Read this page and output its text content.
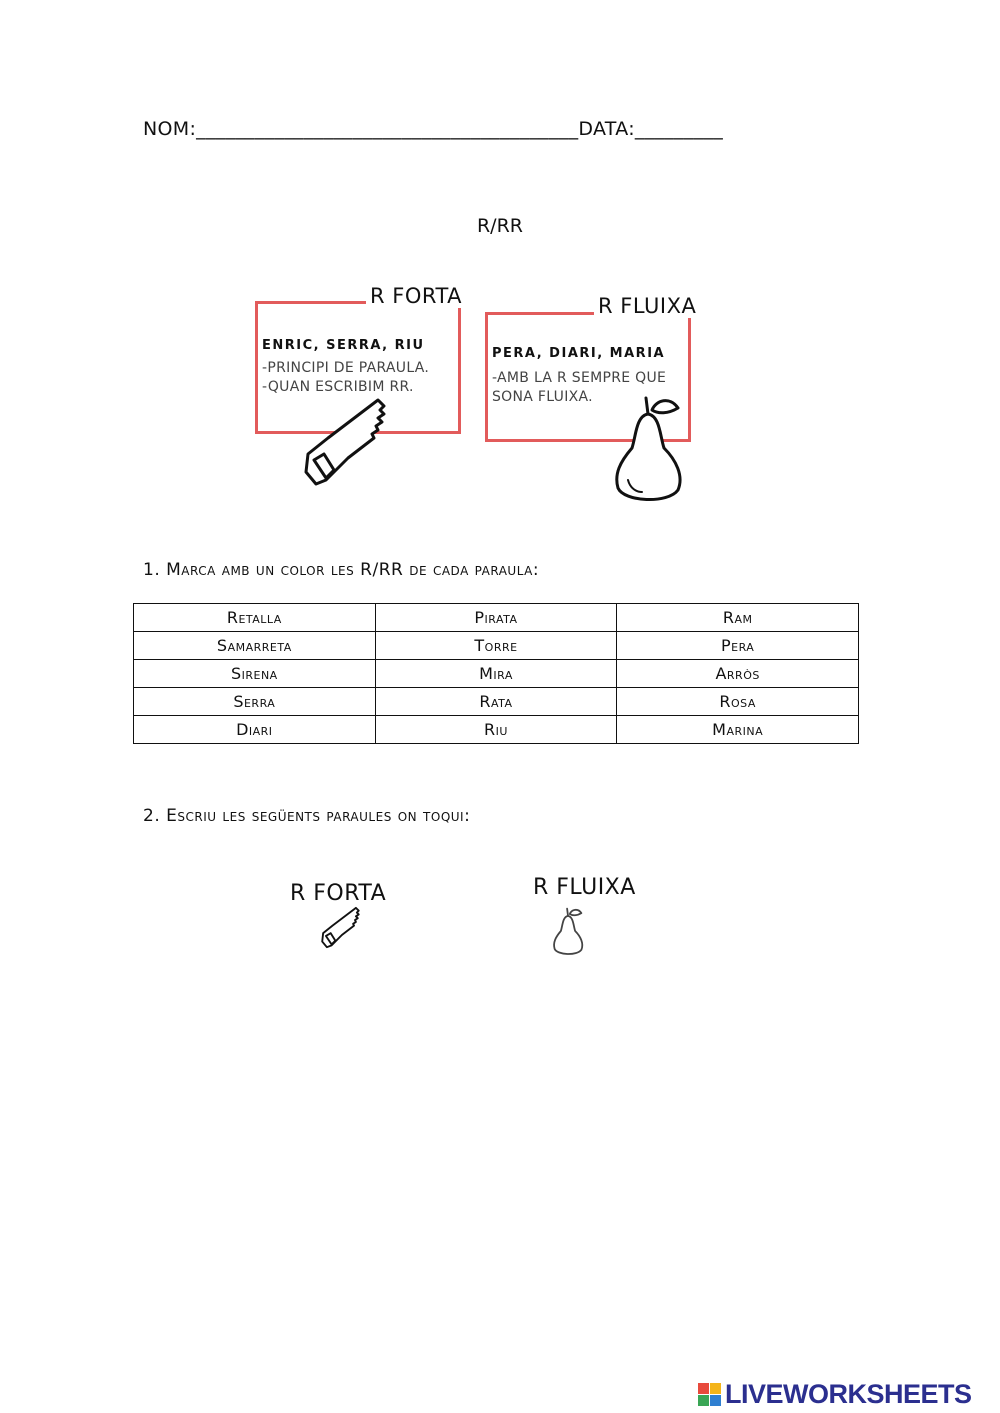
NOM:_______________________________________DATA:_________
R/RR
R FORTA
ENRIC, SERRA, RIU
-PRINCIPI DE PARAULA.
-QUAN ESCRIBIM RR.
R FLUIXA
PERA, DIARI, MARIA
-AMB LA R SEMPRE QUE
SONA FLUIXA.
1. Marca amb un color les R/RR de cada paraula:
Retalla	Pirata	Ram
Samarreta	Torre	Pera
Sirena	Mira	Arròs
Serra	Rata	Rosa
Diari	Riu	Marina
2. Escriu les següents paraules on toqui:
R FORTA	R FLUIXA
LIVEWORKSHEETS
